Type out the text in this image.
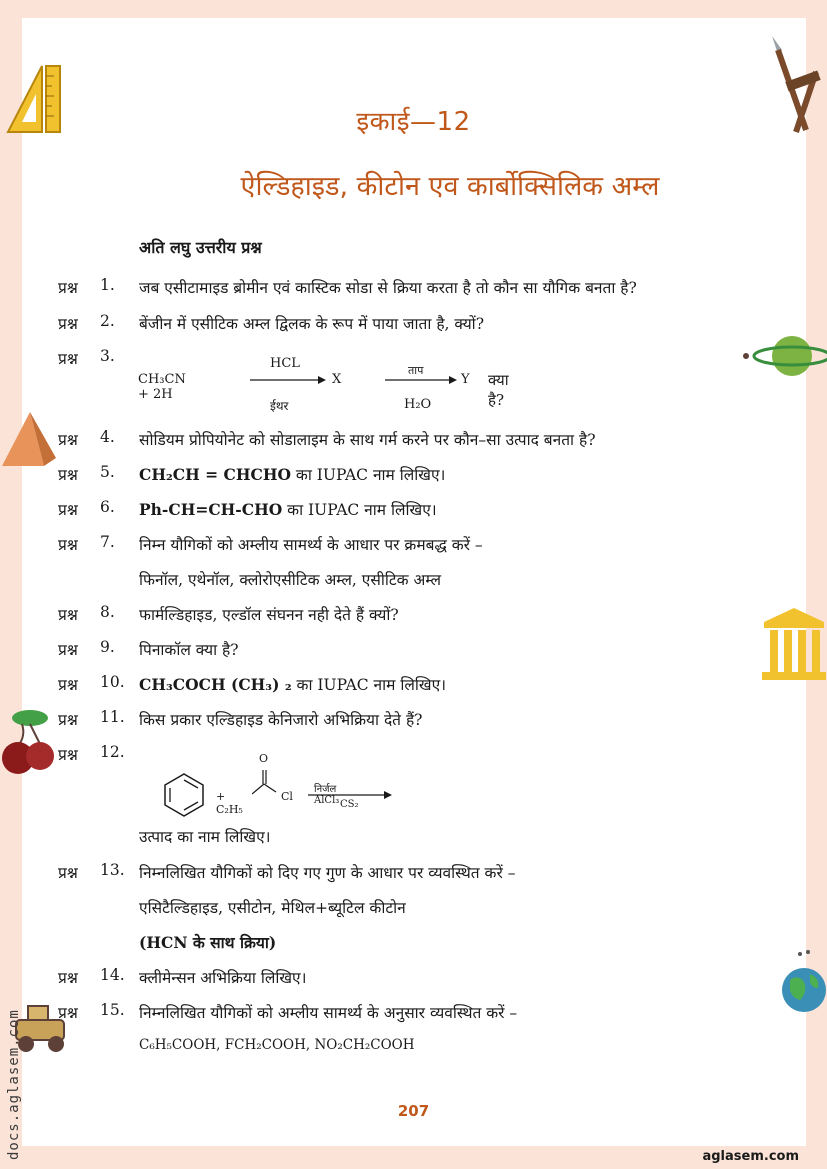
इकाई—12
ऐल्डिहाइड, कीटोन एव कार्बोक्सिलिक अम्ल
अति लघु उत्तरीय प्रश्न
प्रश्न 1. जब एसीटामाइड ब्रोमीन एवं कास्टिक सोडा से क्रिया करता है तो कौन सा यौगिक बनता है?
प्रश्न 2. बेंजीन में एसीटिक अम्ल द्विलक के रूप में पाया जाता है, क्यों?
प्रश्न 3.
CH₃CN + 2H
HCL
ईथर
X
ताप
H₂O
Y क्या है?
प्रश्न 4. सोडियम प्रोपियोनेट को सोडालाइम के साथ गर्म करने पर कौन–सा उत्पाद बनता है?
प्रश्न 5. CH₂CH = CHCHO का IUPAC नाम लिखिए।
प्रश्न 6. Ph-CH=CH-CHO का IUPAC नाम लिखिए।
प्रश्न 7. निम्न यौगिकों को अम्लीय सामर्थ्य के आधार पर क्रमबद्ध करें –
फिनॉल, एथेनॉल, क्लोरोएसीटिक अम्ल, एसीटिक अम्ल
प्रश्न 8. फार्मल्डिहाइड, एल्डॉल संघनन नही देते हैं क्यों?
प्रश्न 9. पिनाकॉल क्या है?
प्रश्न 10. CH₃COCH (CH₃) ₂ का IUPAC नाम लिखिए।
प्रश्न 11. किस प्रकार एल्डिहाइड केनिजारो अभिक्रिया देते हैं?
प्रश्न 12.
+ C₂H₅
O
Cl
निर्जल AlCl₃ CS₂
उत्पाद का नाम लिखिए।
प्रश्न 13. निम्नलिखित यौगिकों को दिए गए गुण के आधार पर व्यवस्थित करें –
एसिटैल्डिहाइड, एसीटोन, मेथिल+ब्यूटिल कीटोन
(HCN के साथ क्रिया)
प्रश्न 14. क्लीमेन्सन अभिक्रिया लिखिए।
प्रश्न 15. निम्नलिखित यौगिकों को अम्लीय सामर्थ्य के अनुसार व्यवस्थित करें –
C₆H₅COOH, FCH₂COOH, NO₂CH₂COOH
207
aglasem.com
docs.aglasem.com
